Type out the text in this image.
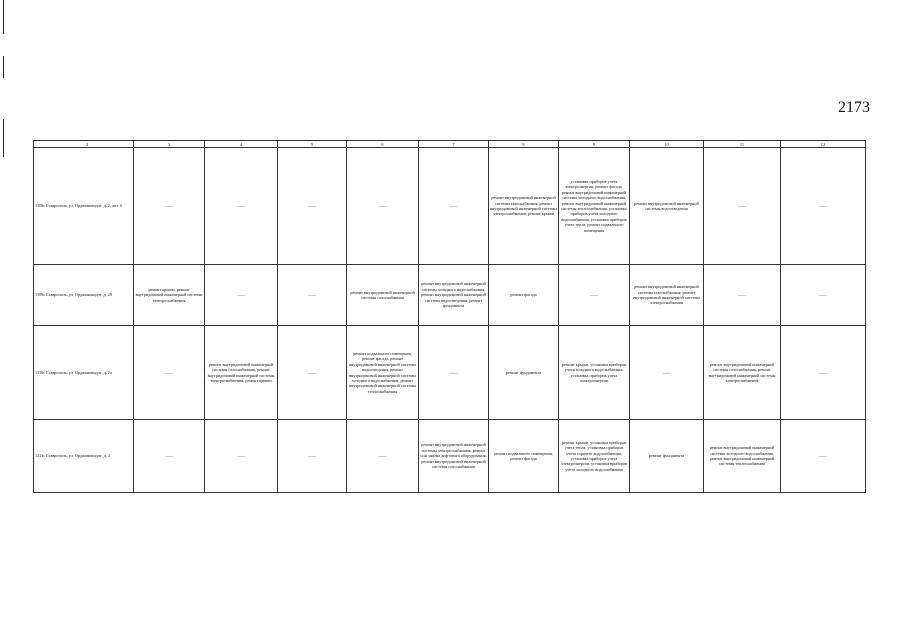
2173
	2	3	4	5	6	7	8	9	10	11	12
1308	г. Ставрополь, ул. Орджоникидзе, д. 2, лит. б	——	——	——	——	——	ремонт внутридомовой инженерной системы газоснабжения, ремонт внутридомовой инженерной системы электроснабжения, ремонт крыши	установка приборов учета электроэнергии, ремонт фасада, ремонт внутридомовой инженерной системы холодного водоснабжения, ремонт внутридомовой инженерной системы теплоснабжения, установка приборов учета холодного водоснабжения, установка приборов учета тепла, ремонт подвального помещения	ремонт внутридомовой инженерной системы водоотведения	——	——
1309	г. Ставрополь, ул. Орджоникидзе, д. 29	ремонт крыши, ремонт внутридомовой инженерной системы электроснабжения	——	——	ремонт внутридомовой инженерной системы газоснабжения	ремонт внутридомовой инженерной системы холодного водоснабжения, ремонт внутридомовой инженерной системы водоотведения, ремонт фундамента	ремонт фасада	——	ремонт внутридомовой инженерной системы газоснабжения, ремонт внутридомовой инженерной системы электроснабжения	——	——
1310	г. Ставрополь, ул. Орджоникидзе, д. 2а	——	ремонт внутридомовой инженерной системы газоснабжения, ремонт внутридомовой инженерной системы электроснабжения, ремонт крыши	——	ремонт подвального помещения, ремонт фасада, ремонт внутридомовой инженерной системы водоотведения, ремонт внутридомовой инженерной системы холодного водоснабжения, ремонт внутридомовой инженерной системы теплоснабжения	——	ремонт фундамента	ремонт крыши, установка приборов учета холодного водоснабжения, установка приборов учета электроэнергии	——	ремонт внутридомовой инженерной системы газоснабжения, ремонт внутридомовой инженерной системы электроснабжения	——
1311	г. Ставрополь, ул. Орджоникидзе, д. 4	——	——	——	——	ремонт внутридомовой инженерной системы электроснабжения, ремонт или замена лифтового оборудования, ремонт внутридомовой инженерной системы газоснабжения	ремонт подвального помещения, ремонт фасада	ремонт крыши, установка приборов учета тепла, установка приборов учета горячего водоснабжения, установка приборов учета электроэнергии, установка приборов учета холодного водоснабжения	ремонт фундамента	ремонт внутридомовой инженерной системы холодного водоснабжения, ремонт внутридомовой инженерной системы теплоснабжения	——
